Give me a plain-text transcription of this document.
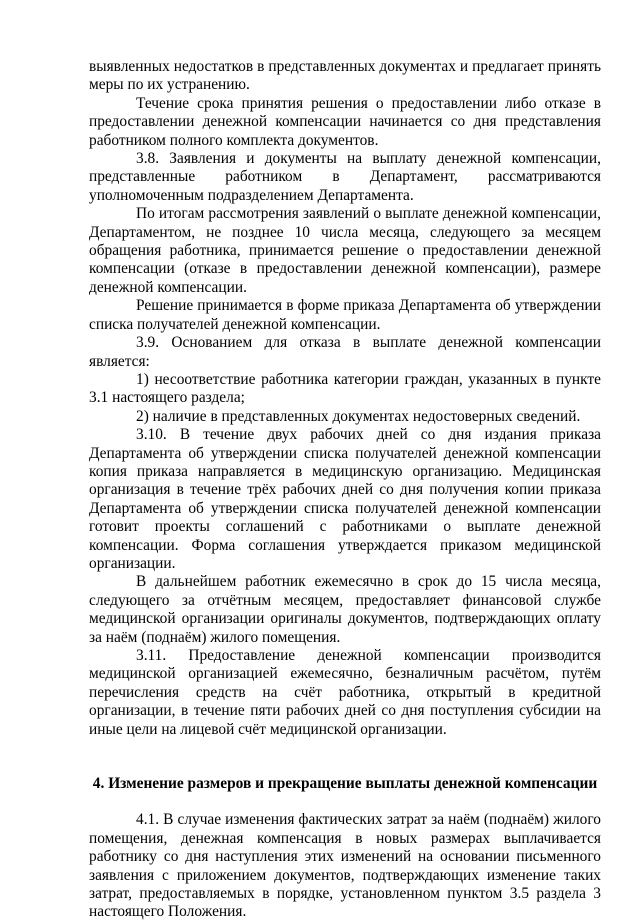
выявленных недостатков в представленных документах и предлагает принять меры по их устранению.

Течение срока принятия решения о предоставлении либо отказе в предоставлении денежной компенсации начинается со дня представления работником полного комплекта документов.

3.8. Заявления и документы на выплату денежной компенсации, представленные работником в Департамент, рассматриваются уполномоченным подразделением Департамента.

По итогам рассмотрения заявлений о выплате денежной компенсации, Департаментом, не позднее 10 числа месяца, следующего за месяцем обращения работника, принимается решение о предоставлении денежной компенсации (отказе в предоставлении денежной компенсации), размере денежной компенсации.

Решение принимается в форме приказа Департамента об утверждении списка получателей денежной компенсации.

3.9. Основанием для отказа в выплате денежной компенсации является:

1) несоответствие работника категории граждан, указанных в пункте 3.1 настоящего раздела;

2) наличие в представленных документах недостоверных сведений.

3.10. В течение двух рабочих дней со дня издания приказа Департамента об утверждении списка получателей денежной компенсации копия приказа направляется в медицинскую организацию. Медицинская организация в течение трёх рабочих дней со дня получения копии приказа Департамента об утверждении списка получателей денежной компенсации готовит проекты соглашений с работниками о выплате денежной компенсации. Форма соглашения утверждается приказом медицинской организации.

В дальнейшем работник ежемесячно в срок до 15 числа месяца, следующего за отчётным месяцем, предоставляет финансовой службе медицинской организации оригиналы документов, подтверждающих оплату за наём (поднаём) жилого помещения.

3.11. Предоставление денежной компенсации производится медицинской организацией ежемесячно, безналичным расчётом, путём перечисления средств на счёт работника, открытый в кредитной организации, в течение пяти рабочих дней со дня поступления субсидии на иные цели на лицевой счёт медицинской организации.

4. Изменение размеров и прекращение выплаты денежной компенсации

4.1. В случае изменения фактических затрат за наём (поднаём) жилого помещения, денежная компенсация в новых размерах выплачивается работнику со дня наступления этих изменений на основании письменного заявления с приложением документов, подтверждающих изменение таких затрат, предоставляемых в порядке, установленном пунктом 3.5 раздела 3 настоящего Положения.
